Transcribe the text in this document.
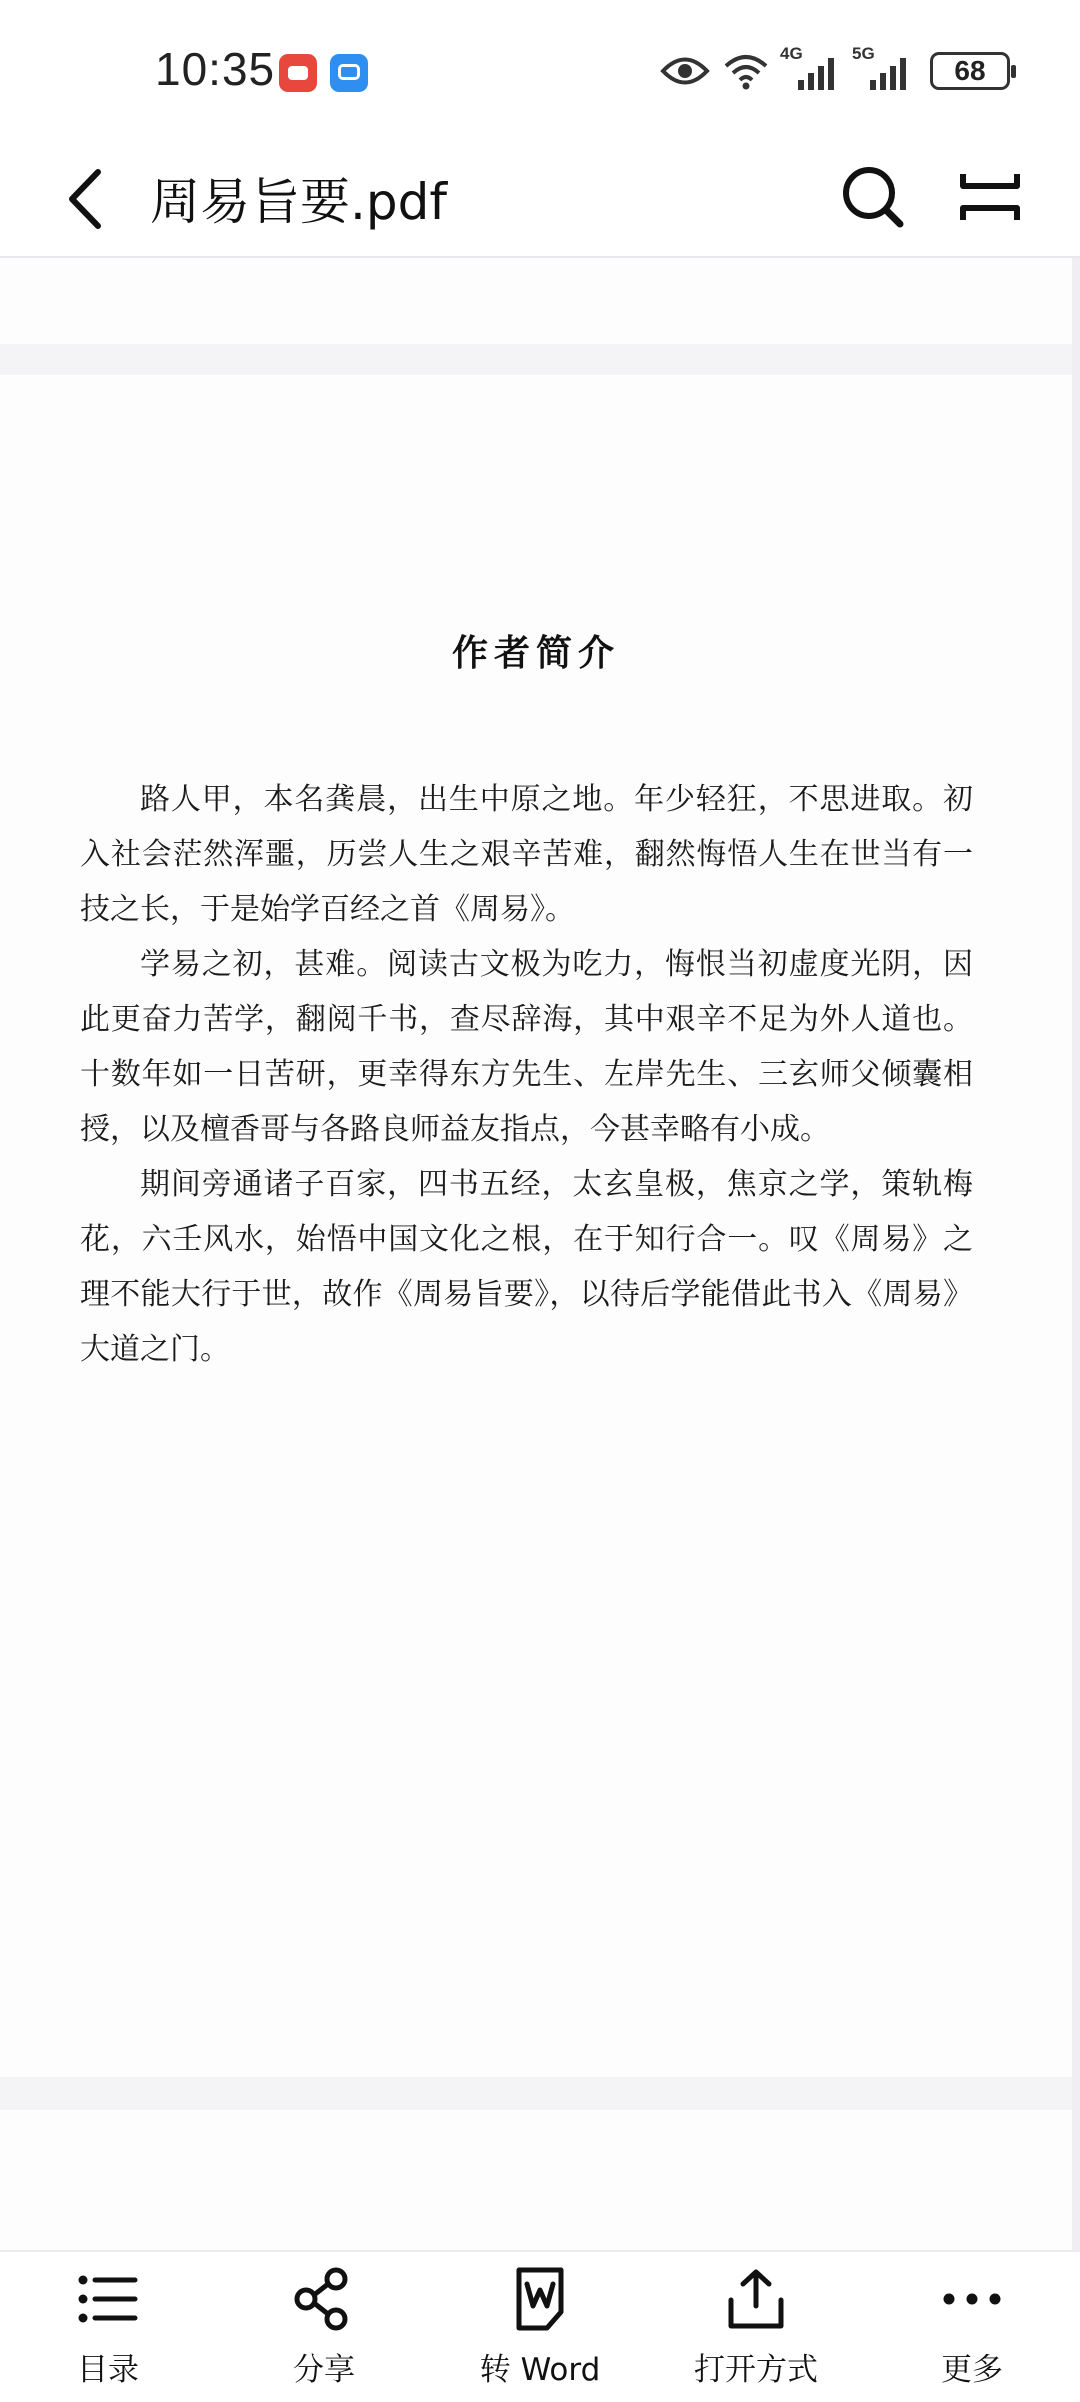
10:35	4G	5G
68
周易旨要.pdf
作者简介

路人甲，本名龚晨，出生中原之地。年少轻狂，不思进取。初入社会茫然浑噩，历尝人生之艰辛苦难，翻然悔悟人生在世当有一技之长，于是始学百经之首《周易》。

学易之初，甚难。阅读古文极为吃力，悔恨当初虚度光阴，因此更奋力苦学，翻阅千书，查尽辞海，其中艰辛不足为外人道也。十数年如一日苦研，更幸得东方先生、左岸先生、三玄师父倾囊相授，以及檀香哥与各路良师益友指点，今甚幸略有小成。

期间旁通诸子百家，四书五经，太玄皇极，焦京之学，策轨梅花，六壬风水，始悟中国文化之根，在于知行合一。叹《周易》之理不能大行于世，故作《周易旨要》，以待后学能借此书入《周易》大道之门。

目录	分享	转 Word	打开方式	更多
